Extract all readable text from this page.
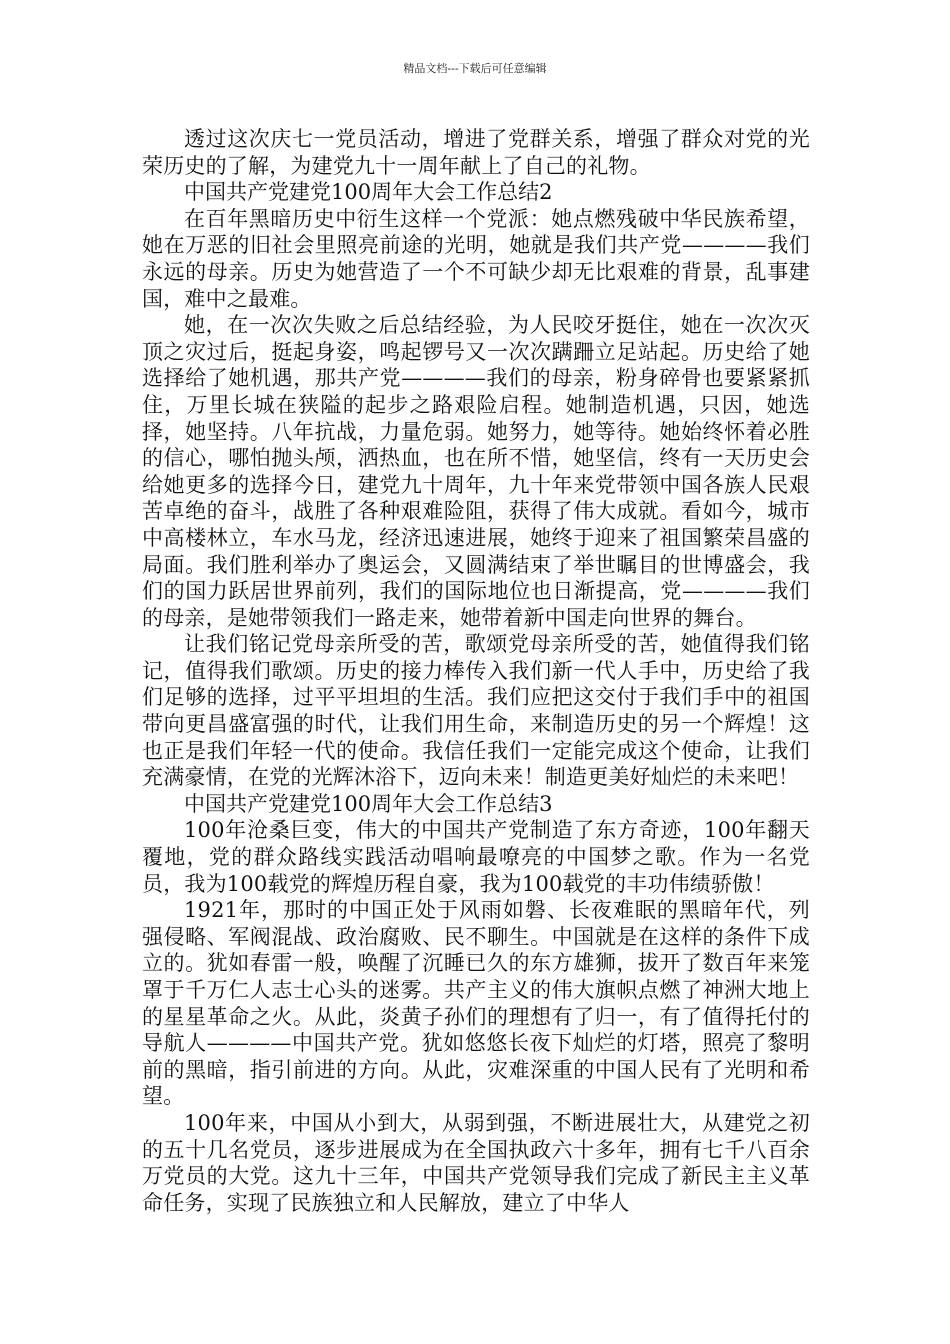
精品文档---下载后可任意编辑

透过这次庆七一党员活动，增进了党群关系，增强了群众对党的光荣历史的了解，为建党九十一周年献上了自己的礼物。

中国共产党建党100周年大会工作总结2

在百年黑暗历史中衍生这样一个党派：她点燃残破中华民族希望，她在万恶的旧社会里照亮前途的光明，她就是我们共产党————我们永远的母亲。历史为她营造了一个不可缺少却无比艰难的背景，乱事建国，难中之最难。

她，在一次次失败之后总结经验，为人民咬牙挺住，她在一次次灭顶之灾过后，挺起身姿，鸣起锣号又一次次蹒跚立足站起。历史给了她选择给了她机遇，那共产党————我们的母亲，粉身碎骨也要紧紧抓住，万里长城在狭隘的起步之路艰险启程。她制造机遇，只因，她选择，她坚持。八年抗战，力量危弱。她努力，她等待。她始终怀着必胜的信心，哪怕抛头颅，洒热血，也在所不惜，她坚信，终有一天历史会给她更多的选择今日，建党九十周年，九十年来党带领中国各族人民艰苦卓绝的奋斗，战胜了各种艰难险阻，获得了伟大成就。看如今，城市中高楼林立，车水马龙，经济迅速进展，她终于迎来了祖国繁荣昌盛的局面。我们胜利举办了奥运会，又圆满结束了举世瞩目的世博盛会，我们的国力跃居世界前列，我们的国际地位也日渐提高，党————我们的母亲，是她带领我们一路走来，她带着新中国走向世界的舞台。

让我们铭记党母亲所受的苦，歌颂党母亲所受的苦，她值得我们铭记，值得我们歌颂。历史的接力棒传入我们新一代人手中，历史给了我们足够的选择，过平平坦坦的生活。我们应把这交付于我们手中的祖国带向更昌盛富强的时代，让我们用生命，来制造历史的另一个辉煌！这也正是我们年轻一代的使命。我信任我们一定能完成这个使命，让我们充满豪情，在党的光辉沐浴下，迈向未来！制造更美好灿烂的未来吧！

中国共产党建党100周年大会工作总结3

100年沧桑巨变，伟大的中国共产党制造了东方奇迹，100年翻天覆地，党的群众路线实践活动唱响最嘹亮的中国梦之歌。作为一名党员，我为100载党的辉煌历程自豪，我为100载党的丰功伟绩骄傲！

1921年，那时的中国正处于风雨如磐、长夜难眠的黑暗年代，列强侵略、军阀混战、政治腐败、民不聊生。中国就是在这样的条件下成立的。犹如春雷一般，唤醒了沉睡已久的东方雄狮，拔开了数百年来笼罩于千万仁人志士心头的迷雾。共产主义的伟大旗帜点燃了神洲大地上的星星革命之火。从此，炎黄子孙们的理想有了归一，有了值得托付的导航人————中国共产党。犹如悠悠长夜下灿烂的灯塔，照亮了黎明前的黑暗，指引前进的方向。从此，灾难深重的中国人民有了光明和希望。

100年来，中国从小到大，从弱到强，不断进展壮大，从建党之初的五十几名党员，逐步进展成为在全国执政六十多年，拥有七千八百余万党员的大党。这九十三年，中国共产党领导我们完成了新民主主义革命任务，实现了民族独立和人民解放，建立了中华人
